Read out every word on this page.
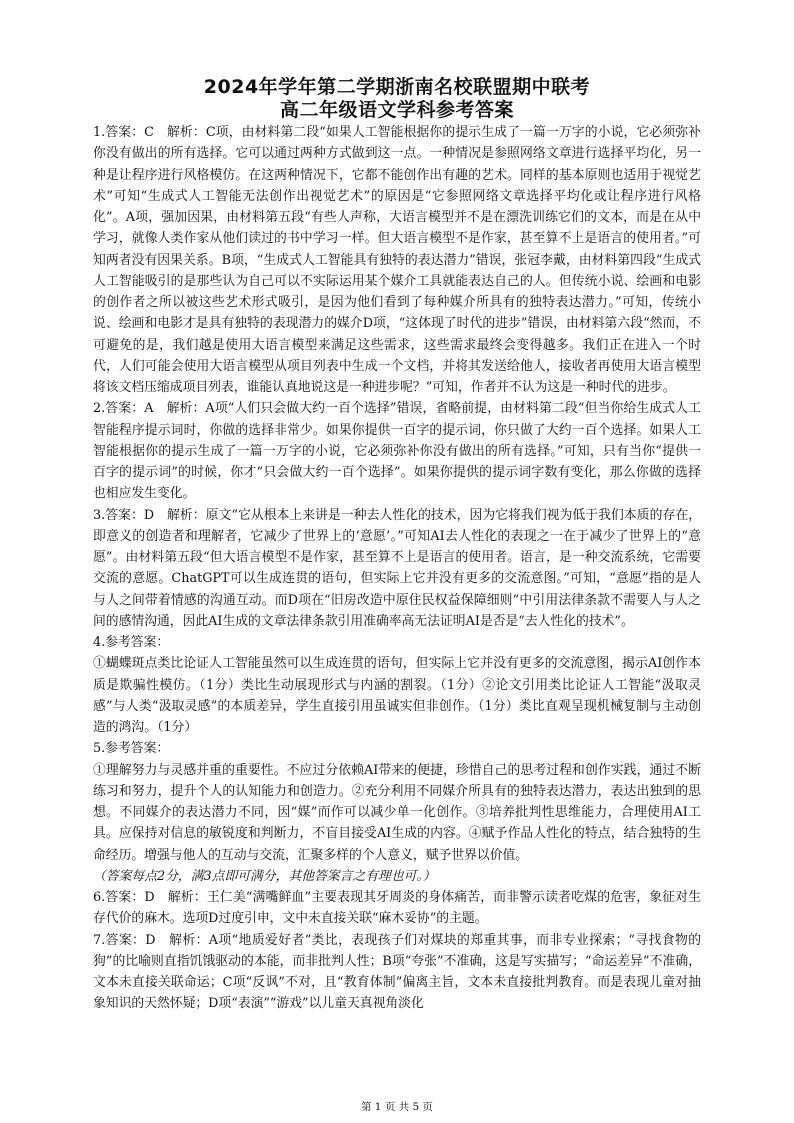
2024年学年第二学期浙南名校联盟期中联考
高二年级语文学科参考答案

1.答案：C　解析：C项，由材料第二段“如果人工智能根据你的提示生成了一篇一万字的小说，它必须弥补你没有做出的所有选择。它可以通过两种方式做到这一点。一种情况是参照网络文章进行选择平均化，另一种是让程序进行风格模仿。在这两种情况下，它都不能创作出有趣的艺术。同样的基本原则也适用于视觉艺术”可知“生成式人工智能无法创作出视觉艺术”的原因是“它参照网络文章选择平均化或让程序进行风格化”。A项，强加因果，由材料第五段“有些人声称，大语言模型并不是在漂洗训练它们的文本，而是在从中学习，就像人类作家从他们读过的书中学习一样。但大语言模型不是作家，甚至算不上是语言的使用者。”可知两者没有因果关系。B项，“生成式人工智能具有独特的表达潜力”错误，张冠李戴，由材料第四段“生成式人工智能吸引的是那些认为自己可以不实际运用某个媒介工具就能表达自己的人。但传统小说、绘画和电影的创作者之所以被这些艺术形式吸引，是因为他们看到了每种媒介所具有的独特表达潜力。”可知，传统小说、绘画和电影才是具有独特的表现潜力的媒介D项，“这体现了时代的进步”错误，由材料第六段“然而，不可避免的是，我们越是使用大语言模型来满足这些需求，这些需求最终会变得越多。我们正在进入一个时代，人们可能会使用大语言模型从项目列表中生成一个文档，并将其发送给他人，接收者再使用大语言模型将该文档压缩成项目列表，谁能认真地说这是一种进步呢？”可知，作者并不认为这是一种时代的进步。

2.答案：A　解析：A项“人们只会做大约一百个选择”错误，省略前提，由材料第二段“但当你给生成式人工智能程序提示词时，你做的选择非常少。如果你提供一百字的提示词，你只做了大约一百个选择。如果人工智能根据你的提示生成了一篇一万字的小说，它必须弥补你没有做出的所有选择。”可知，只有当你“提供一百字的提示词”的时候，你才“只会做大约一百个选择”。如果你提供的提示词字数有变化，那么你做的选择也相应发生变化。

3.答案：D　解析：原文“它从根本上来讲是一种去人性化的技术，因为它将我们视为低于我们本质的存在，即意义的创造者和理解者，它减少了世界上的‘意愿’。”可知AI去人性化的表现之一在于减少了世界上的“意愿”。由材料第五段“但大语言模型不是作家，甚至算不上是语言的使用者。语言，是一种交流系统，它需要交流的意愿。ChatGPT可以生成连贯的语句，但实际上它并没有更多的交流意图。”可知，“意愿”指的是人与人之间带着情感的沟通互动。而D项在“旧房改造中原住民权益保障细则”中引用法律条款不需要人与人之间的感情沟通，因此AI生成的文章法律条款引用准确率高无法证明AI是否是“去人性化的技术”。

4.参考答案：

①蝴蝶斑点类比论证人工智能虽然可以生成连贯的语句，但实际上它并没有更多的交流意图，揭示AI创作本质是欺骗性模仿。（1分）类比生动展现形式与内涵的割裂。（1分）②论文引用类比论证人工智能“汲取灵感”与人类“汲取灵感”的本质差异，学生直接引用虽诚实但非创作。（1分）类比直观呈现机械复制与主动创造的鸿沟。（1分）

5.参考答案：

①理解努力与灵感并重的重要性。不应过分依赖AI带来的便捷，珍惜自己的思考过程和创作实践，通过不断练习和努力，提升个人的认知能力和创造力。②充分利用不同媒介所具有的独特表达潜力，表达出独到的思想。不同媒介的表达潜力不同，因“媒”而作可以减少单一化创作。③培养批判性思维能力，合理使用AI工具。应保持对信息的敏锐度和判断力，不盲目接受AI生成的内容。④赋予作品人性化的特点，结合独特的生命经历。增强与他人的互动与交流，汇聚多样的个人意义，赋予世界以价值。

（答案每点2分，满3点即可满分，其他答案言之有理也可。）

6.答案：D　解析：王仁美“满嘴鲜血”主要表现其牙周炎的身体痛苦，而非警示读者吃煤的危害，象征对生存代价的麻木。选项D过度引申，文中未直接关联“麻木妥协”的主题。

7.答案：D　解析：A项“地质爱好者”类比，表现孩子们对煤块的郑重其事，而非专业探索；“寻找食物的狗”的比喻则直指饥饿驱动的本能，而非批判人性；B项“夸张”不准确，这是写实描写；“命运差异”不准确，文本未直接关联命运；C项“反讽”不对，且“教育体制”偏离主旨，文本未直接批判教育。而是表现儿童对抽象知识的天然怀疑；D项“表演”“游戏”以儿童天真视角淡化

第 1 页 共 5 页
